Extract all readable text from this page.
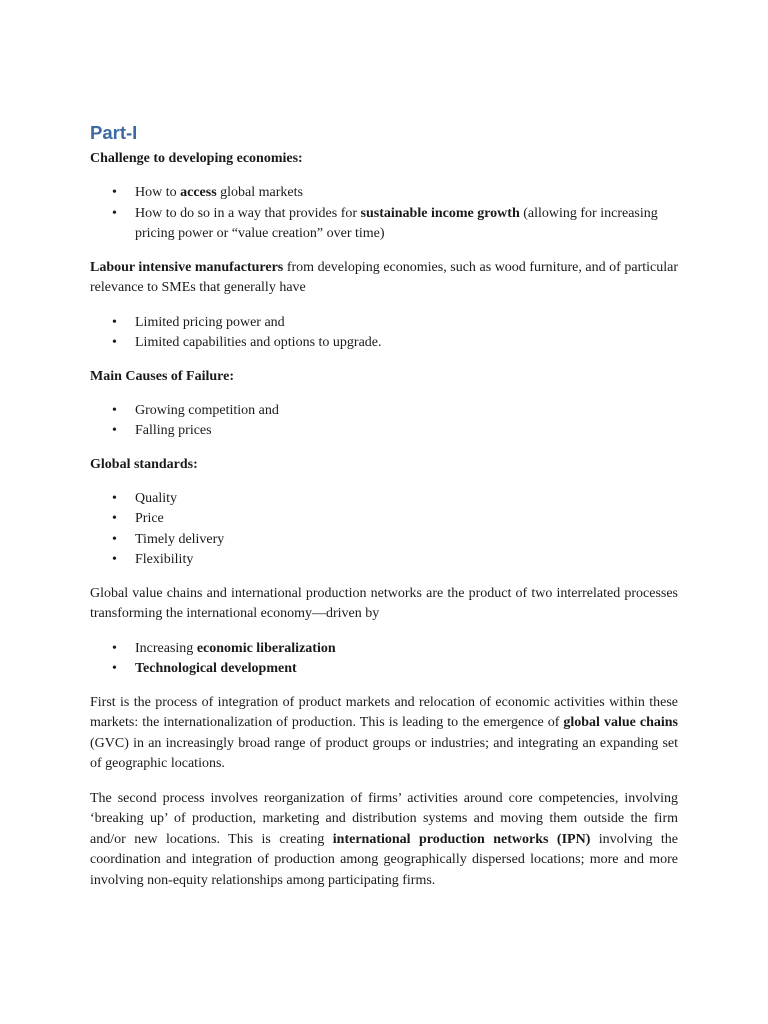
Part-I
Challenge to developing economies:
• How to access global markets
• How to do so in a way that provides for sustainable income growth (allowing for increasing pricing power or “value creation” over time)

Labour intensive manufacturers from developing economies, such as wood furniture, and of particular relevance to SMEs that generally have

• Limited pricing power and
• Limited capabilities and options to upgrade.
Main Causes of Failure:
• Growing competition and
• Falling prices
Global standards:
• Quality
• Price
• Timely delivery
• Flexibility

Global value chains and international production networks are the product of two interrelated processes transforming the international economy—driven by

• Increasing economic liberalization
• Technological development

First is the process of integration of product markets and relocation of economic activities within these markets: the internationalization of production. This is leading to the emergence of global value chains (GVC) in an increasingly broad range of product groups or industries; and integrating an expanding set of geographic locations.

The second process involves reorganization of firms’ activities around core competencies, involving ‘breaking up’ of production, marketing and distribution systems and moving them outside the firm and/or new locations. This is creating international production networks (IPN) involving the coordination and integration of production among geographically dispersed locations; more and more involving non-equity relationships among participating firms.
